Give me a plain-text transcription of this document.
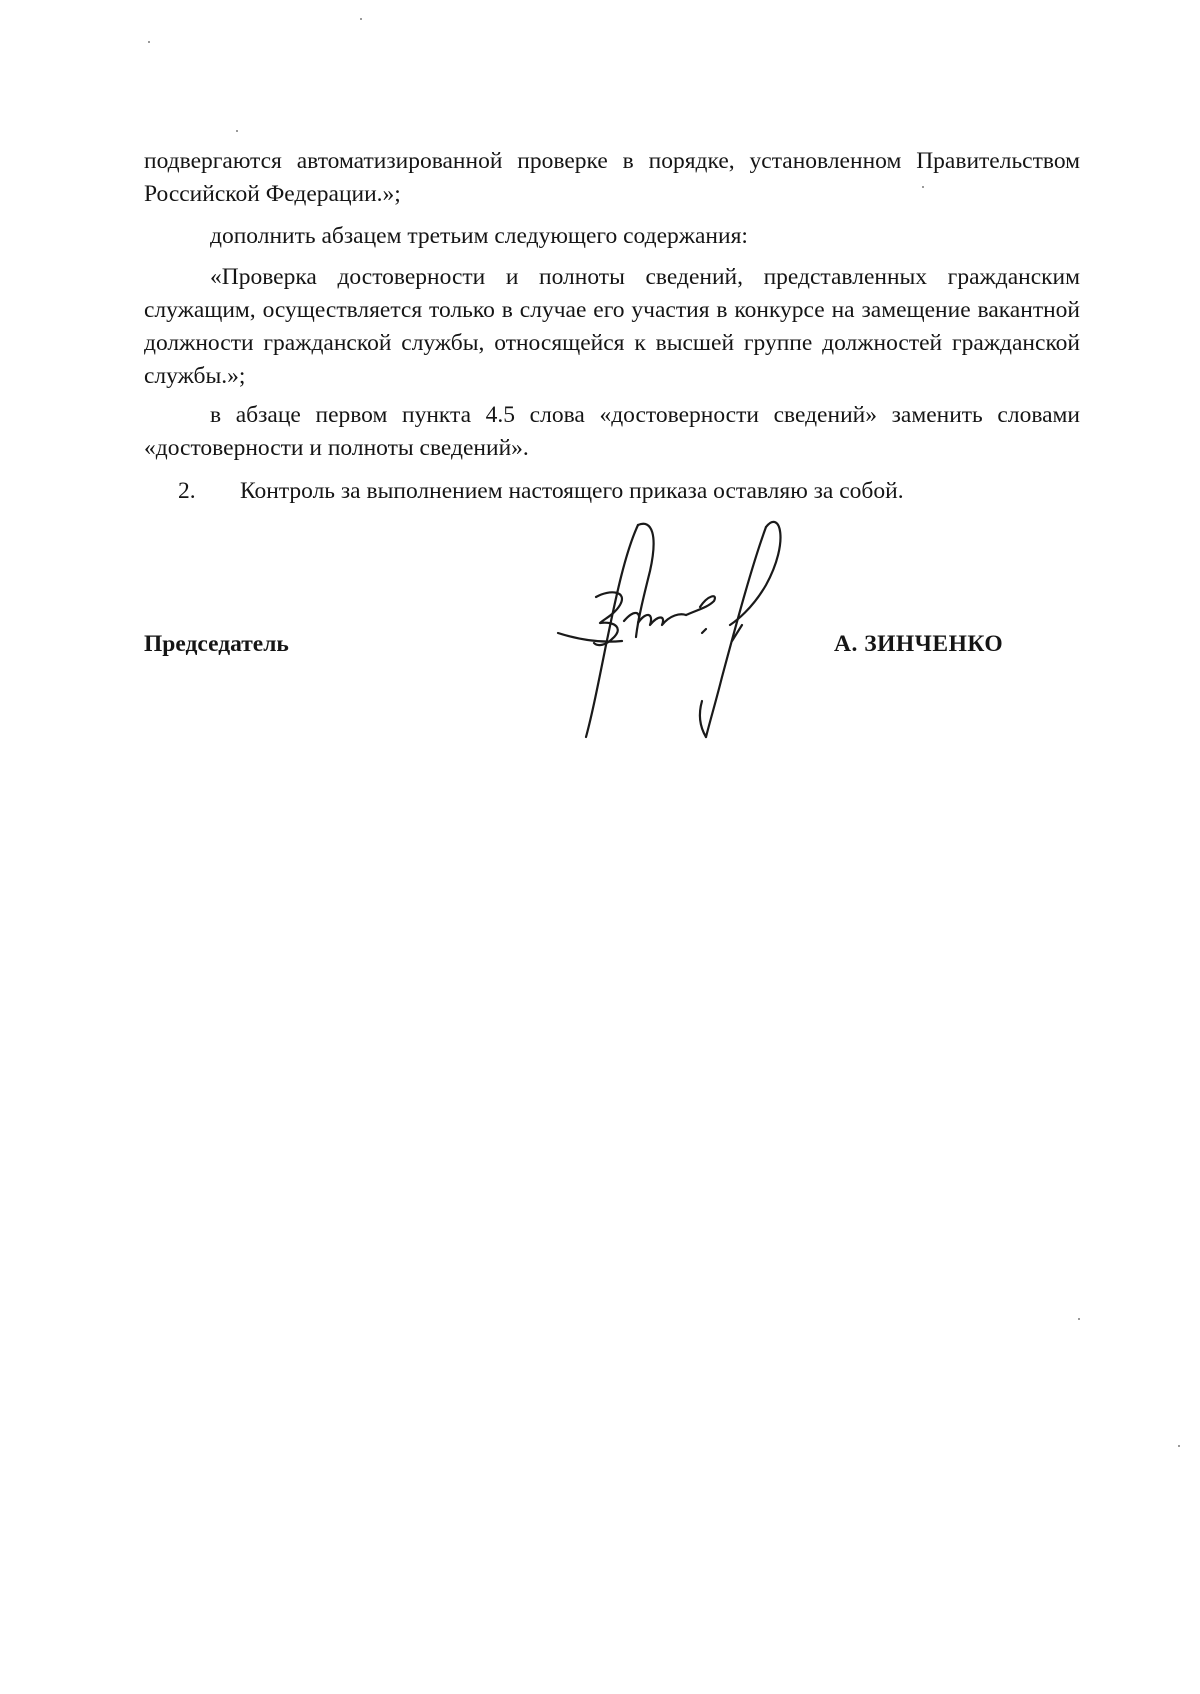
подвергаются автоматизированной проверке в порядке, установленном Правительством Российской Федерации.»;
дополнить абзацем третьим следующего содержания:
«Проверка достоверности и полноты сведений, представленных гражданским служащим, осуществляется только в случае его участия в конкурсе на замещение вакантной должности гражданской службы, относящейся к высшей группе должностей гражданской службы.»;
в абзаце первом пункта 4.5 слова «достоверности сведений» заменить словами «достоверности и полноты сведений».
2. Контроль за выполнением настоящего приказа оставляю за собой.
Председатель	А. ЗИНЧЕНКО
